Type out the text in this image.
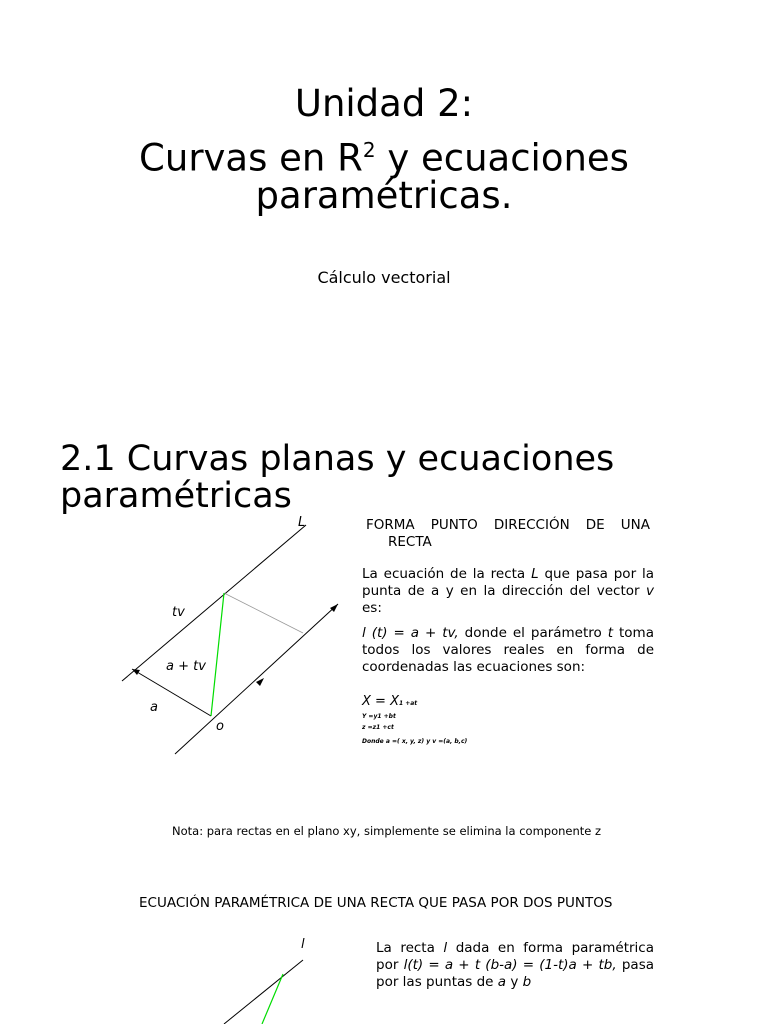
Unidad 2:
Curvas en $R^2$ y ecuaciones
paramétricas.
Cálculo vectorial
2.1 Curvas planas y ecuaciones paramétricas
L
tv
a + tv
a
o
FORMA PUNTO DIRECCIÓN DE UNA
RECTA
La ecuación de la recta L que pasa por la punta de a y en la dirección del vector v es:
l (t) = a + tv, donde el parámetro t toma todos los valores reales en forma de coordenadas las ecuaciones son:
X = X1 +at
Y =y1 +bt
z =z1 +ct
Donde a =( x, y, z) y v =(a, b,c)
Nota: para rectas en el plano xy, simplemente se elimina la componente z
ECUACIÓN PARAMÉTRICA DE UNA RECTA QUE PASA POR DOS PUNTOS
l	La recta l dada en forma paramétrica por l(t) = a + t (b-a) = (1-t)a + tb, pasa por las puntas de a y b
